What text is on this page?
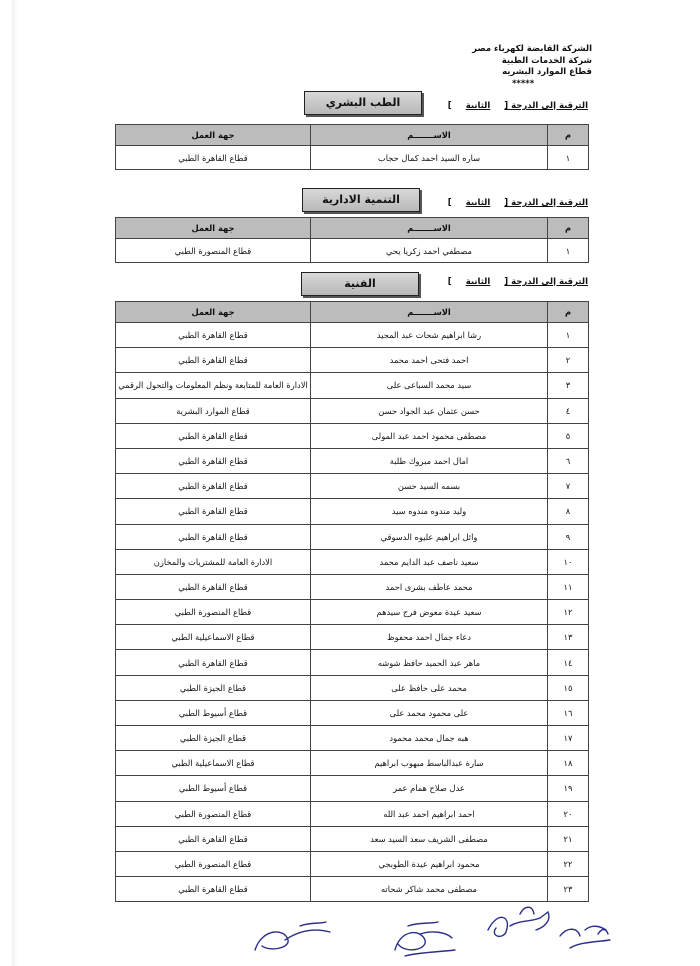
الشركة القابضة لكهرباء مصر
شركة الخدمات الطبية
قطاع الموارد البشريه
*****
الطب البشري	الترقية إلى الدرجة [الثانية]
م	الاســـــــم	جهة العمل
١	ساره السيد احمد كمال حجاب	قطاع القاهرة الطبي
التنمية الادارية	الترقية إلى الدرجة [الثانية]
م	الاســـــــم	جهة العمل
١	مصطفي احمد زكريا يحي	قطاع المنصورة الطبي
الفنية	الترقية إلى الدرجة [الثانية]
م	الاســـــــم	جهة العمل
١	رشا ابراهيم شحات عبد المجيد	قطاع القاهرة الطبي
٢	احمد فتحى احمد محمد	قطاع القاهرة الطبي
٣	سيد محمد السباعى على	الادارة العامة للمتابعة ونظم المعلومات والتحول الرقمي
٤	حسن عثمان عبد الجواد حسن	قطاع الموارد البشرية
٥	مصطفى محمود احمد عبد المولى	قطاع القاهرة الطبي
٦	امال احمد مبروك طلبة	قطاع القاهرة الطبي
٧	بسمه السيد حسن	قطاع القاهرة الطبي
٨	وليد مندوه مندوه سيد	قطاع القاهرة الطبي
٩	وائل ابراهيم عليوه الدسوقي	قطاع القاهرة الطبي
١٠	سعيد ناصف عبد الدايم محمد	الادارة العامة للمشتريات والمخازن
١١	محمد عاطف بشرى احمد	قطاع القاهرة الطبي
١٢	سعيد عيدة معوض فرج سيدهم	قطاع المنصورة الطبي
١٣	دعاء جمال احمد محفوظ	قطاع الاسماعيلية الطبي
١٤	ماهر عبد الحميد حافظ شوشه	قطاع القاهرة الطبي
١٥	محمد على حافظ على	قطاع الجيزة الطبي
١٦	على محمود محمد على	قطاع أسيوط الطبي
١٧	هبه جمال محمد محمود	قطاع الجيزة الطبي
١٨	سارة عبدالباسط مبهوب ابراهيم	قطاع الاسماعيلية الطبي
١٩	عدل صلاح همام عمر	قطاع أسيوط الطبي
٢٠	احمد ابراهيم احمد عبد الله	قطاع المنصورة الطبي
٢١	مصطفى الشريف سعد السيد سعد	قطاع القاهرة الطبي
٢٢	محمود ابراهيم عيدة الطوبجي	قطاع المنصورة الطبي
٢٣	مصطفى محمد شاكر شحاته	قطاع القاهرة الطبي
